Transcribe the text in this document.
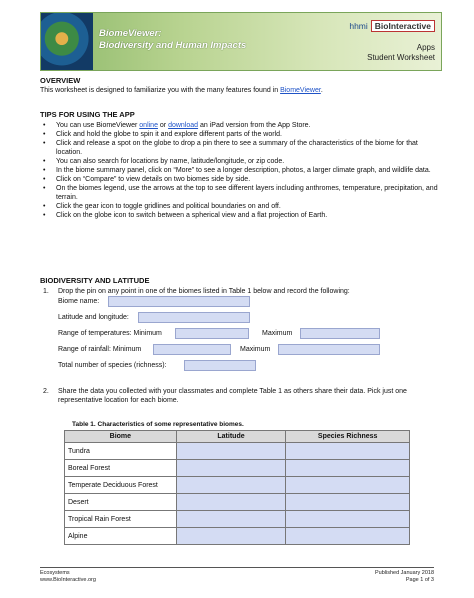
BiomeViewer:
Biodiversity and Human Impacts
hhmi BioInteractive
Apps
Student Worksheet
OVERVIEW
This worksheet is designed to familiarize you with the many features found in BiomeViewer.
TIPS FOR USING THE APP
• You can use BiomeViewer online or download an iPad version from the App Store.
• Click and hold the globe to spin it and explore different parts of the world.
• Click and release a spot on the globe to drop a pin there to see a summary of the characteristics of the biome for that location.
• You can also search for locations by name, latitude/longitude, or zip code.
• In the biome summary panel, click on “More” to see a longer description, photos, a larger climate graph, and wildlife data.
• Click on “Compare” to view details on two biomes side by side.
• On the biomes legend, use the arrows at the top to see different layers including anthromes, temperature, precipitation, and terrain.
• Click the gear icon to toggle gridlines and political boundaries on and off.
• Click on the globe icon to switch between a spherical view and a flat projection of Earth.
BIODIVERSITY AND LATITUDE
1. Drop the pin on any point in one of the biomes listed in Table 1 below and record the following:
Biome name:
Latitude and longitude:
Range of temperatures: Minimum	Maximum
Range of rainfall: Minimum	Maximum
Total number of species (richness):
2. Share the data you collected with your classmates and complete Table 1 as others share their data. Pick just one representative location for each biome.
Table 1. Characteristics of some representative biomes.
Biome	Latitude	Species Richness
Tundra		
Boreal Forest		
Temperate Deciduous Forest		
Desert		
Tropical Rain Forest		
Alpine		
Ecosystems
www.BioInteractive.org
Published January 2018
Page 1 of 3
